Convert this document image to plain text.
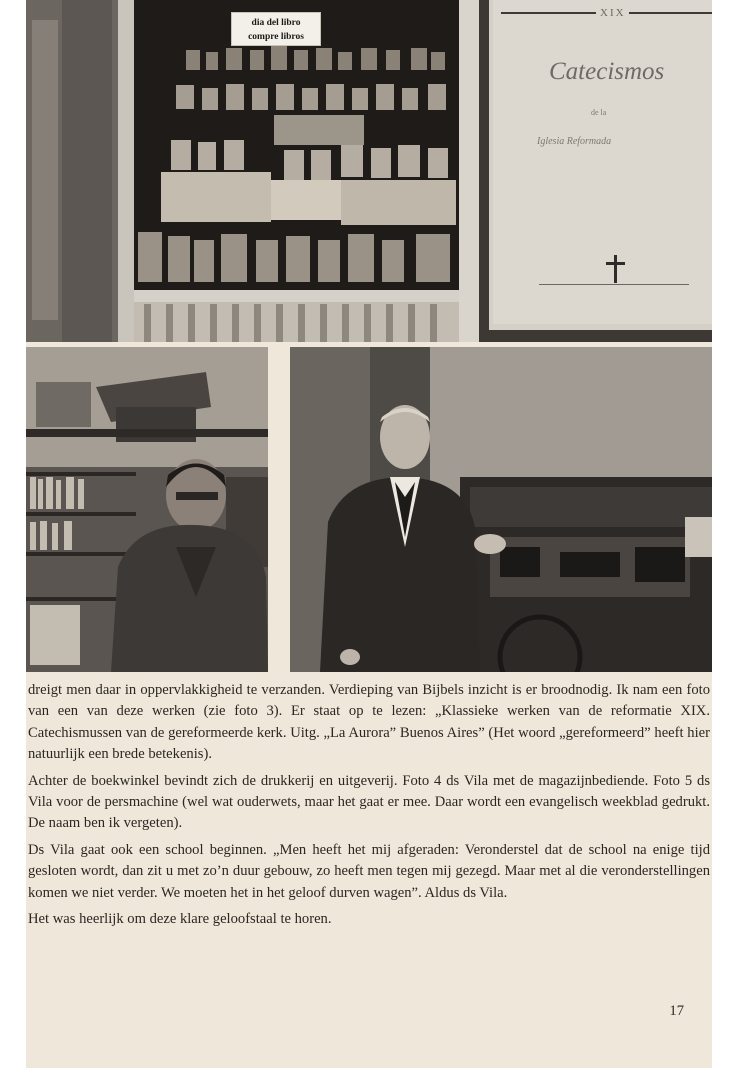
dia del libro
compre libros
XIX
Catecismos
de la
Iglesia Reformada

dreigt men daar in oppervlakkigheid te verzanden. Verdieping van Bijbels inzicht is er broodnodig. Ik nam een foto van een van deze werken (zie foto 3). Er staat op te lezen: „Klassieke werken van de reformatie XIX. Catechismussen van de gereformeerde kerk. Uitg. „La Aurora” Buenos Aires” (Het woord „gereformeerd” heeft hier natuurlijk een brede betekenis).

Achter de boekwinkel bevindt zich de drukkerij en uitgeverij. Foto 4 ds Vila met de magazijnbediende. Foto 5 ds Vila voor de persmachine (wel wat ouderwets, maar het gaat er mee. Daar wordt een evangelisch weekblad gedrukt. De naam ben ik vergeten).

Ds Vila gaat ook een school beginnen. „Men heeft het mij afgeraden: Veronderstel dat de school na enige tijd gesloten wordt, dan zit u met zo’n duur gebouw, zo heeft men tegen mij gezegd. Maar met al die veronderstellingen komen we niet verder. We moeten het in het geloof durven wagen”. Aldus ds Vila.

Het was heerlijk om deze klare geloofstaal te horen.

17
